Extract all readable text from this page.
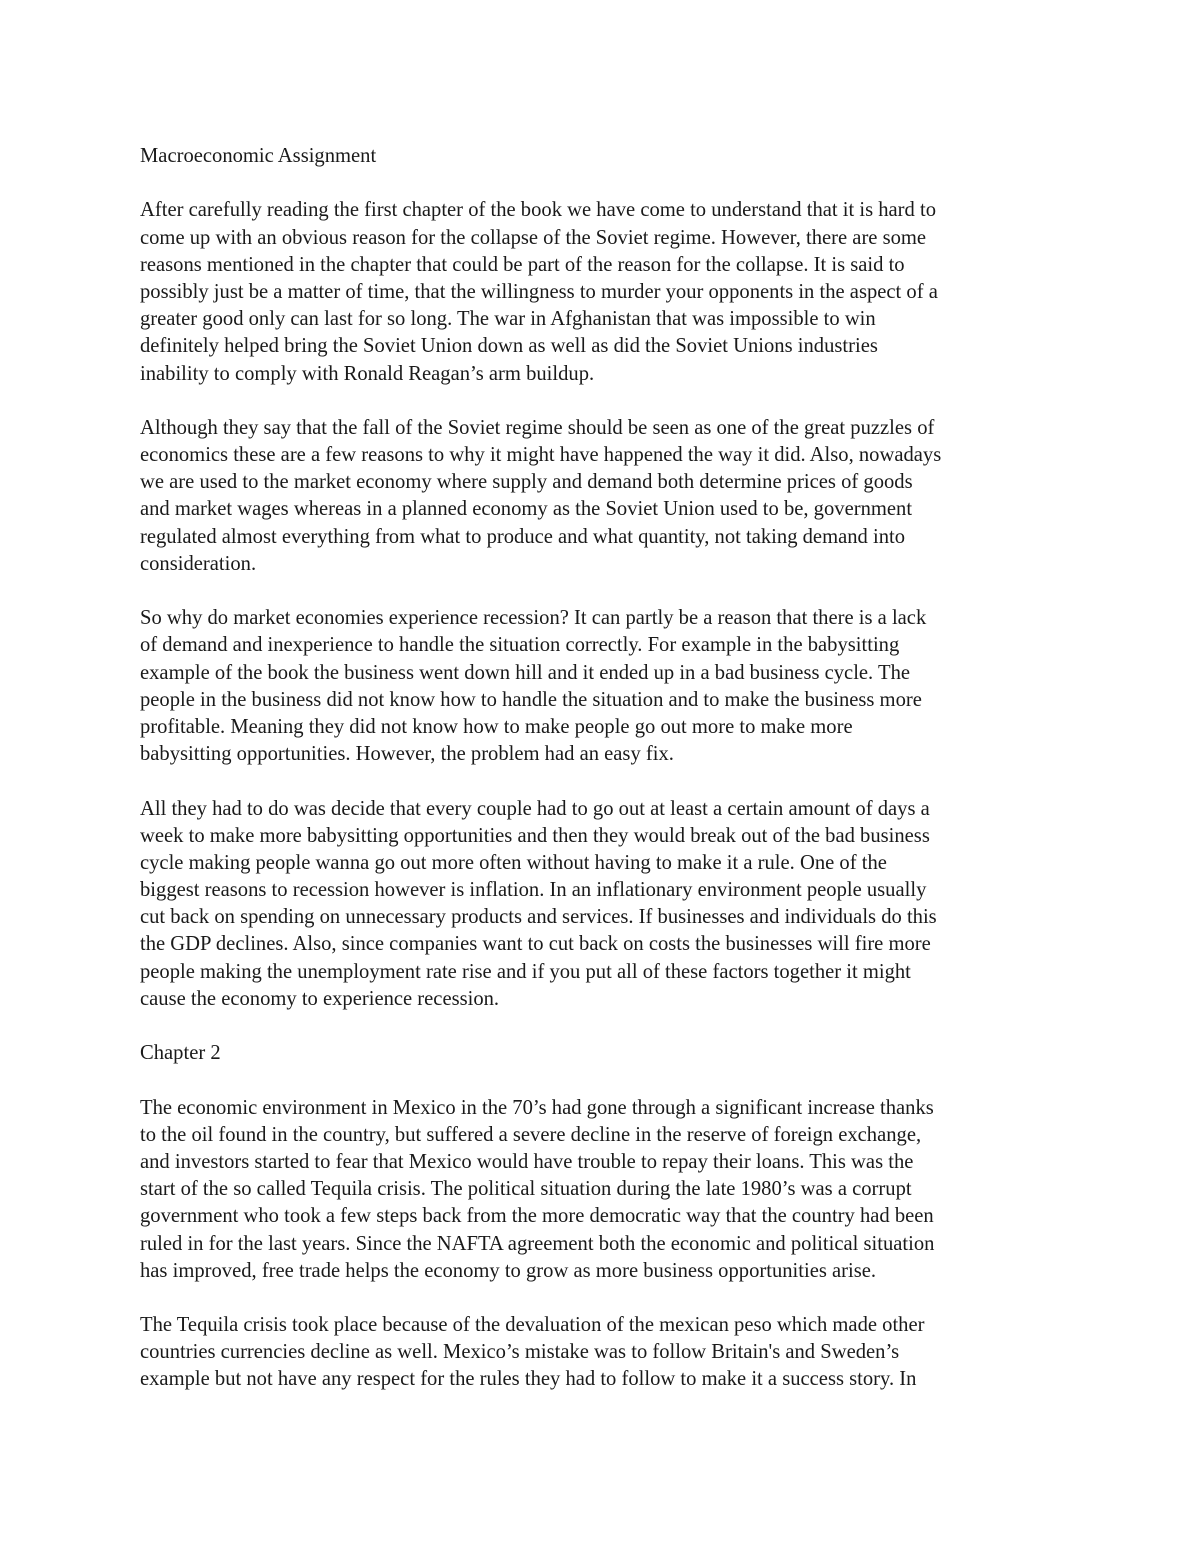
Macroeconomic Assignment
After carefully reading the first chapter of the book we have come to understand that it is hard to
come up with an obvious reason for the collapse of the Soviet regime. However, there are some
reasons mentioned in the chapter that could be part of the reason for the collapse. It is said to
possibly just be a matter of time, that the willingness to murder your opponents in the aspect of a
greater good only can last for so long. The war in Afghanistan that was impossible to win
definitely helped bring the Soviet Union down as well as did the Soviet Unions industries
inability to comply with Ronald Reagan’s arm buildup.
Although they say that the fall of the Soviet regime should be seen as one of the great puzzles of
economics these are a few reasons to why it might have happened the way it did. Also, nowadays
we are used to the market economy where supply and demand both determine prices of goods
and market wages whereas in a planned economy as the Soviet Union used to be, government
regulated almost everything from what to produce and what quantity, not taking demand into
consideration.
So why do market economies experience recession? It can partly be a reason that there is a lack
of demand and inexperience to handle the situation correctly. For example in the babysitting
example of the book the business went down hill and it ended up in a bad business cycle. The
people in the business did not know how to handle the situation and to make the business more
profitable. Meaning they did not know how to make people go out more to make more
babysitting opportunities. However, the problem had an easy fix.
All they had to do was decide that every couple had to go out at least a certain amount of days a
week to make more babysitting opportunities and then they would break out of the bad business
cycle making people wanna go out more often without having to make it a rule. One of the
biggest reasons to recession however is inflation. In an inflationary environment people usually
cut back on spending on unnecessary products and services. If businesses and individuals do this
the GDP declines. Also, since companies want to cut back on costs the businesses will fire more
people making the unemployment rate rise and if you put all of these factors together it might
cause the economy to experience recession.
Chapter 2
The economic environment in Mexico in the 70’s had gone through a significant increase thanks
to the oil found in the country, but suffered a severe decline in the reserve of foreign exchange,
and investors started to fear that Mexico would have trouble to repay their loans. This was the
start of the so called Tequila crisis. The political situation during the late 1980’s was a corrupt
government who took a few steps back from the more democratic way that the country had been
ruled in for the last years. Since the NAFTA agreement both the economic and political situation
has improved, free trade helps the economy to grow as more business opportunities arise.
The Tequila crisis took place because of the devaluation of the mexican peso which made other
countries currencies decline as well. Mexico’s mistake was to follow Britain's and Sweden’s
example but not have any respect for the rules they had to follow to make it a success story. In
